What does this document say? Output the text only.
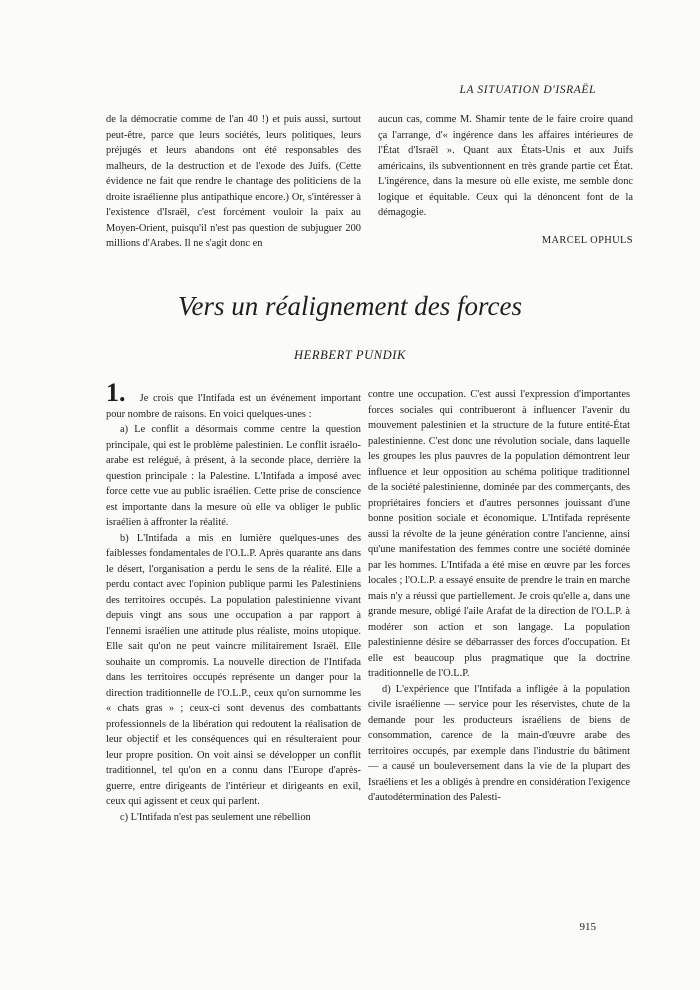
LA SITUATION D'ISRAËL

de la démocratie comme de l'an 40 !) et puis aussi, surtout peut-être, parce que leurs sociétés, leurs politiques, leurs préjugés et leurs abandons ont été responsables des malheurs, de la destruction et de l'exode des Juifs. (Cette évidence ne fait que rendre le chantage des politiciens de la droite israélienne plus antipathique encore.) Or, s'intéresser à l'existence d'Israël, c'est forcément vouloir la paix au Moyen-Orient, puisqu'il n'est pas question de subjuguer 200 millions d'Arabes. Il ne s'agit donc en

aucun cas, comme M. Shamir tente de le faire croire quand ça l'arrange, d'« ingérence dans les affaires intérieures de l'État d'Israël ». Quant aux États-Unis et aux Juifs américains, ils subventionnent en très grande partie cet État. L'ingérence, dans la mesure où elle existe, me semble donc logique et équitable. Ceux qui la dénoncent font de la démagogie.

MARCEL OPHULS
Vers un réalignement des forces
HERBERT PUNDIK

1. Je crois que l'Intifada est un événement important pour nombre de raisons. En voici quelques-unes :

a) Le conflit a désormais comme centre la question principale, qui est le problème palestinien. Le conflit israélo-arabe est relégué, à présent, à la seconde place, derrière la question principale : la Palestine. L'Intifada a imposé avec force cette vue au public israélien. Cette prise de conscience est importante dans la mesure où elle va obliger le public israélien à affronter la réalité.

b) L'Intifada a mis en lumière quelques-unes des faiblesses fondamentales de l'O.L.P. Après quarante ans dans le désert, l'organisation a perdu le sens de la réalité. Elle a perdu contact avec l'opinion publique parmi les Palestiniens des territoires occupés. La population palestinienne vivant depuis vingt ans sous une occupation a par rapport à l'ennemi israélien une attitude plus réaliste, moins utopique. Elle sait qu'on ne peut vaincre militairement Israël. Elle souhaite un compromis. La nouvelle direction de l'Intifada dans les territoires occupés représente un danger pour la direction traditionnelle de l'O.L.P., ceux qu'on surnomme les « chats gras » ; ceux-ci sont devenus des combattants professionnels de la libération qui redoutent la réalisation de leur objectif et les conséquences qui en résulteraient pour leur propre position. On voit ainsi se développer un conflit traditionnel, tel qu'on en a connu dans l'Europe d'après-guerre, entre dirigeants de l'intérieur et dirigeants en exil, ceux qui agissent et ceux qui parlent.

c) L'Intifada n'est pas seulement une rébellion

contre une occupation. C'est aussi l'expression d'importantes forces sociales qui contribueront à influencer l'avenir du mouvement palestinien et la structure de la future entité-État palestinienne. C'est donc une révolution sociale, dans laquelle les groupes les plus pauvres de la population démontrent leur influence et leur opposition au schéma politique traditionnel de la société palestinienne, dominée par des commerçants, des propriétaires fonciers et d'autres personnes jouissant d'une bonne position sociale et économique. L'Intifada représente aussi la révolte de la jeune génération contre l'ancienne, ainsi qu'une manifestation des femmes contre une société dominée par les hommes. L'Intifada a été mise en œuvre par les forces locales ; l'O.L.P. a essayé ensuite de prendre le train en marche mais n'y a réussi que partiellement. Je crois qu'elle a, dans une grande mesure, obligé l'aile Arafat de la direction de l'O.L.P. à modérer son action et son langage. La population palestinienne désire se débarrasser des forces d'occupation. Et elle est beaucoup plus pragmatique que la doctrine traditionnelle de l'O.L.P.

d) L'expérience que l'Intifada a infligée à la population civile israélienne — service pour les réservistes, chute de la demande pour les producteurs israéliens de biens de consommation, carence de la main-d'œuvre arabe des territoires occupés, par exemple dans l'industrie du bâtiment — a causé un bouleversement dans la vie de la plupart des Israéliens et les a obligés à prendre en considération l'exigence d'autodétermination des Palesti-

915
